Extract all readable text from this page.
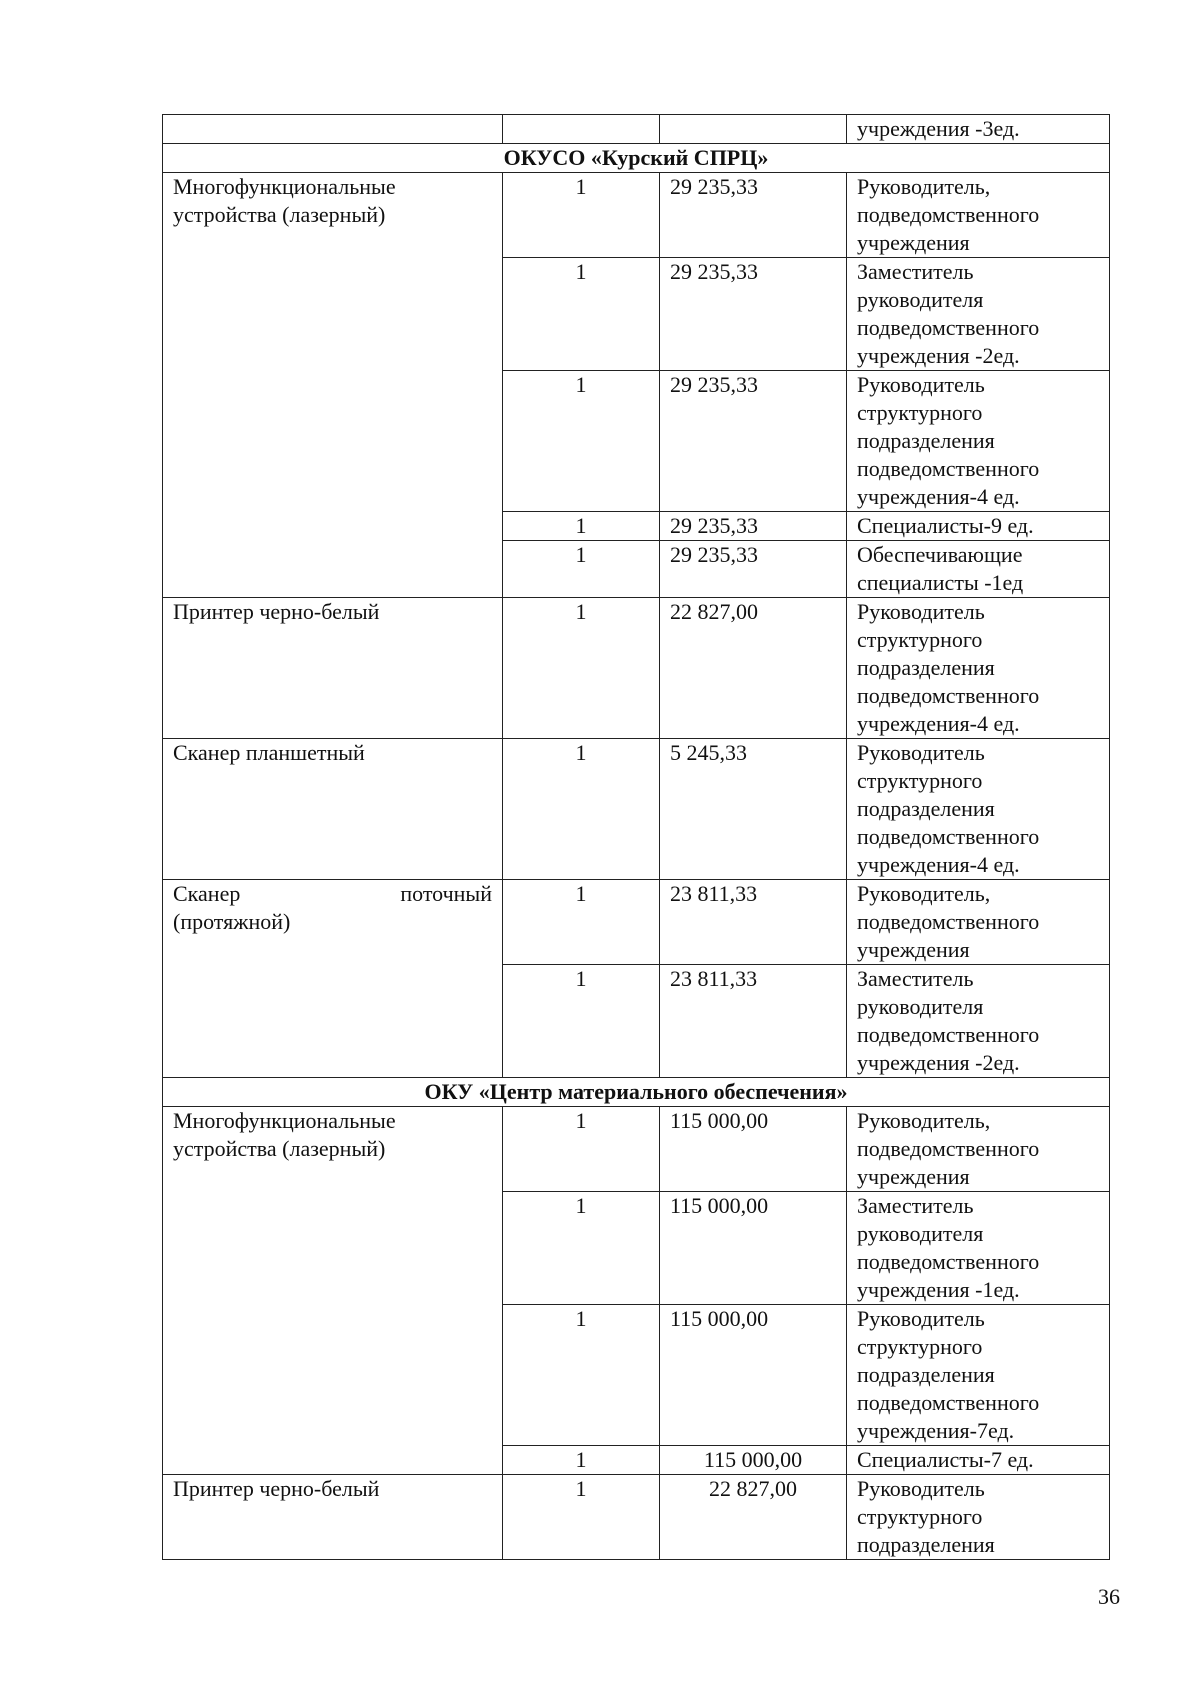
			учреждения -3ед.
ОКУСО «Курский СПРЦ»			
Многофункциональные устройства (лазерный)	1	29 235,33	Руководитель,
подведомственного
учреждения
	1	29 235,33	Заместитель
руководителя
подведомственного
учреждения -2ед.
	1	29 235,33	Руководитель
структурного
подразделения
подведомственного
учреждения-4 ед.
	1	29 235,33	Специалисты-9 ед.
	1	29 235,33	Обеспечивающие
специалисты -1ед
Принтер черно-белый	1	22 827,00	Руководитель
структурного
подразделения
подведомственного
учреждения-4 ед.
Сканер планшетный	1	5 245,33	Руководитель
структурного
подразделения
подведомственного
учреждения-4 ед.

Сканер поточный
(протяжной)	1	23 811,33	Руководитель,
подведомственного
учреждения
	1	23 811,33	Заместитель
руководителя
подведомственного
учреждения -2ед.
ОКУ «Центр материального обеспечения»			
Многофункциональные устройства (лазерный)	1	115 000,00	Руководитель,
подведомственного
учреждения
	1	115 000,00	Заместитель
руководителя
подведомственного
учреждения -1ед.
	1	115 000,00	Руководитель
структурного
подразделения
подведомственного
учреждения-7ед.
	1	115 000,00	Специалисты-7 ед.
Принтер черно-белый	1	22 827,00	Руководитель
структурного
подразделения
36
